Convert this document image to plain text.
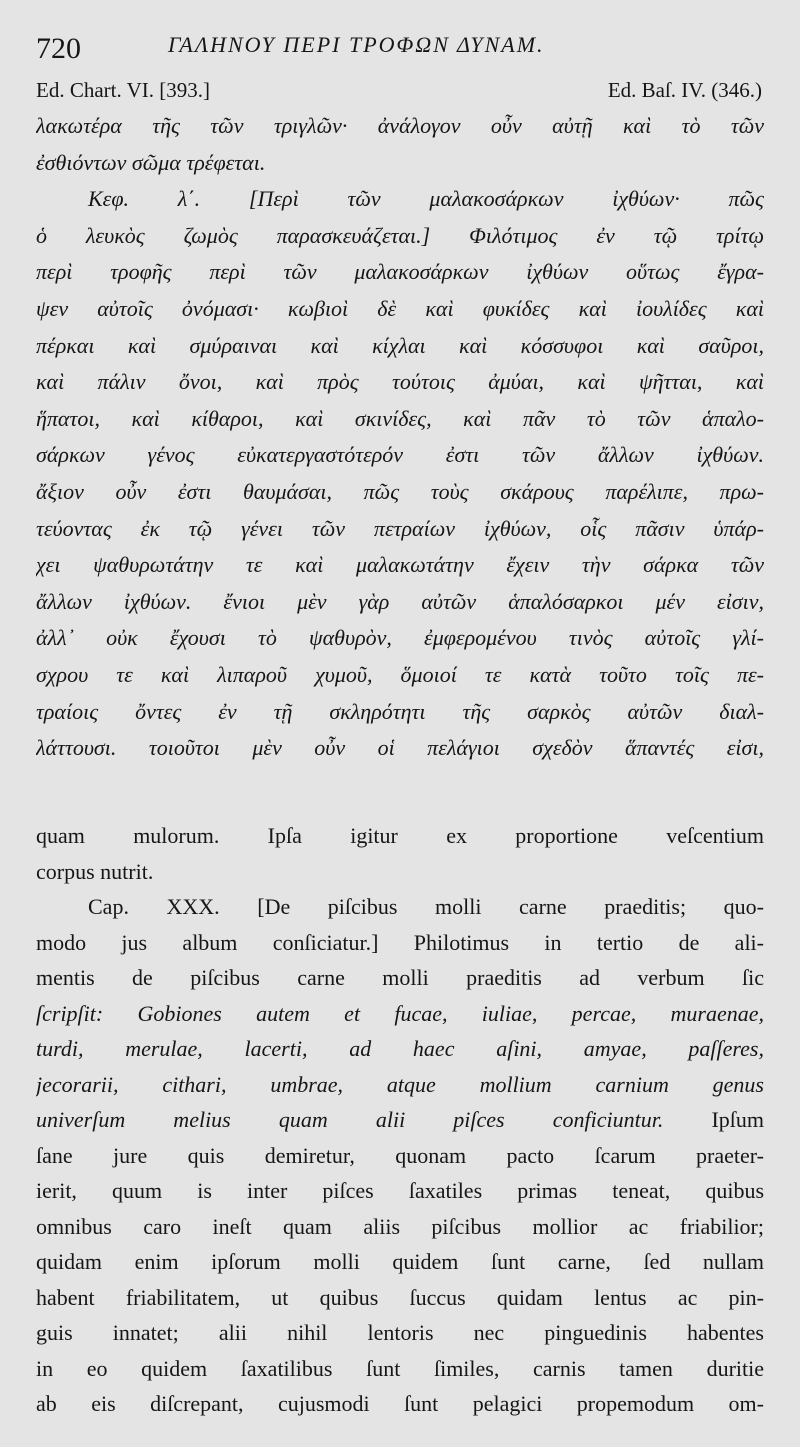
720	ΓΑΛΗΝΟΥ ΠΕΡΙ ΤΡΟΦΩΝ ΔΥΝΑΜ.
Ed. Chart. VI. [393.]	Ed. Baſ. IV. (346.)
λακωτέρα τῆς τῶν τριγλῶν· ἀνάλογον οὖν αὐτῇ καὶ τὸ τῶν
ἐσθιόντων σῶμα τρέφεται.
Κεφ. λ΄. [Περὶ τῶν μαλακοσάρκων ἰχθύων· πῶς
ὁ λευκὸς ζωμὸς παρασκευάζεται.] Φιλότιμος ἐν τῷ τρίτῳ
περὶ τροφῆς περὶ τῶν μαλακοσάρκων ἰχθύων οὕτως ἔγρα-
ψεν αὐτοῖς ὀνόμασι· κωβιοὶ δὲ καὶ φυκίδες καὶ ἰουλίδες καὶ
πέρκαι καὶ σμύραιναι καὶ κίχλαι καὶ κόσσυφοι καὶ σαῦροι,
καὶ πάλιν ὄνοι, καὶ πρὸς τούτοις ἀμύαι, καὶ ψῆτται, καὶ
ἥπατοι, καὶ κίθαροι, καὶ σκινίδες, καὶ πᾶν τὸ τῶν ἁπαλο-
σάρκων γένος εὐκατεργαστότερόν ἐστι τῶν ἄλλων ἰχθύων.
ἄξιον οὖν ἐστι θαυμάσαι, πῶς τοὺς σκάρους παρέλιπε, πρω-
τεύοντας ἐκ τῷ γένει τῶν πετραίων ἰχθύων, οἷς πᾶσιν ὑπάρ-
χει ψαθυρωτάτην τε καὶ μαλακωτάτην ἔχειν τὴν σάρκα τῶν
ἄλλων ἰχθύων. ἔνιοι μὲν γὰρ αὐτῶν ἁπαλόσαρκοι μέν εἰσιν,
ἀλλ᾽ οὐκ ἔχουσι τὸ ψαθυρὸν, ἐμφερομένου τινὸς αὐτοῖς γλί-
σχρου τε καὶ λιπαροῦ χυμοῦ, ὅμοιοί τε κατὰ τοῦτο τοῖς πε-
τραίοις ὄντες ἐν τῇ σκληρότητι τῆς σαρκὸς αὐτῶν διαλ-
λάττουσι. τοιοῦτοι μὲν οὖν οἱ πελάγιοι σχεδὸν ἅπαντές εἰσι,
quam mulorum. Ipſa igitur ex proportione veſcentium
corpus nutrit.
Cap. XXX. [De piſcibus molli carne praeditis; quo-
modo jus album conſiciatur.] Philotimus in tertio de ali-
mentis de piſcibus carne molli praeditis ad verbum ſic
ſcripſit: Gobiones autem et fucae, iuliae, percae, muraenae,
turdi, merulae, lacerti, ad haec aſini, amyae, paſſeres,
jecorarii, cithari, umbrae, atque mollium carnium genus
univerſum melius quam alii piſces conficiuntur. Ipſum
ſane jure quis demiretur, quonam pacto ſcarum praeter-
ierit, quum is inter piſces ſaxatiles primas teneat, quibus
omnibus caro ineſt quam aliis piſcibus mollior ac friabilior;
quidam enim ipſorum molli quidem ſunt carne, ſed nullam
habent friabilitatem, ut quibus ſuccus quidam lentus ac pin-
guis innatet; alii nihil lentoris nec pinguedinis habentes
in eo quidem ſaxatilibus ſunt ſimiles, carnis tamen duritie
ab eis diſcrepant, cujusmodi ſunt pelagici propemodum om-
